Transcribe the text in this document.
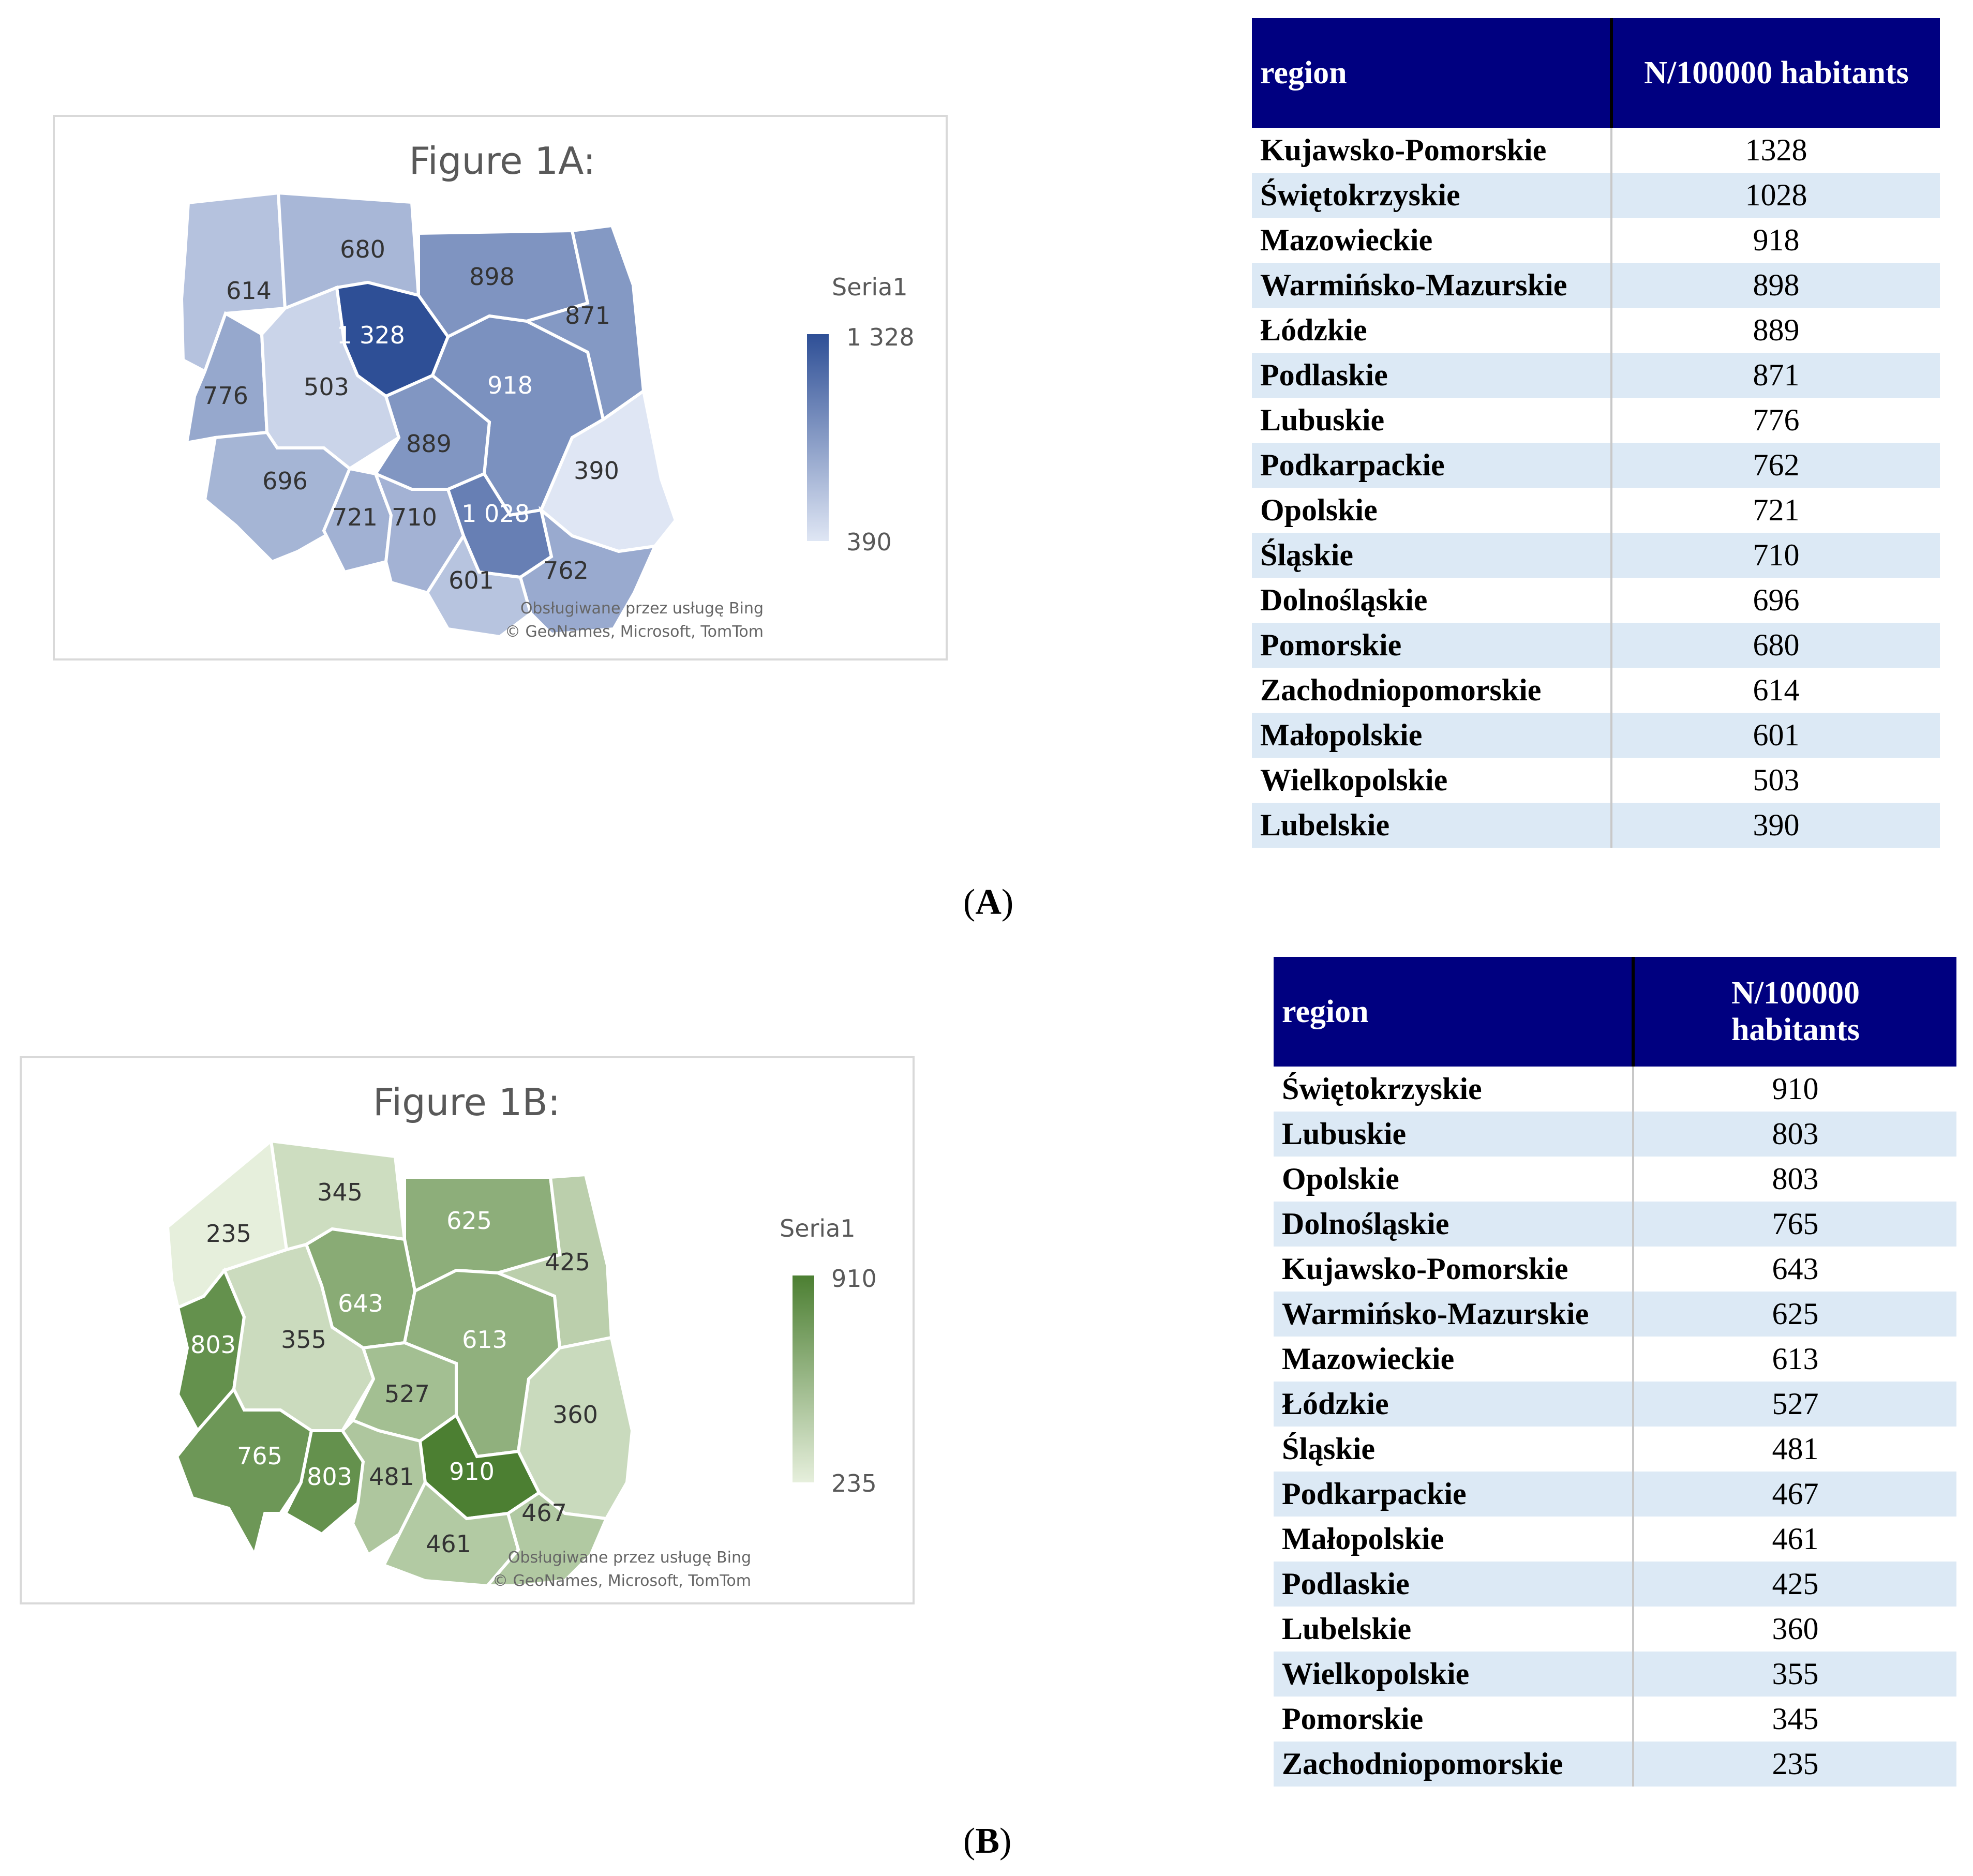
Figure 1A:
614
680
898
871
1 328
776 503	918
889
390
696
721 710 1 028
601 762
Seria1
1 328
390
Obsługiwane przez usługę Bing
© GeoNames, Microsoft, TomTom
region	N/100000 habitants
Kujawsko-Pomorskie	1328
Świętokrzyskie	1028
Mazowieckie	918
Warmińsko-Mazurskie	898
Łódzkie	889
Podlaskie	871
Lubuskie	776
Podkarpackie	762
Opolskie	721
Śląskie	710
Dolnośląskie	696
Pomorskie	680
Zachodniopomorskie	614
Małopolskie	601
Wielkopolskie	503
Lubelskie	390
(A)
Figure 1B:
235
345
625
425
643
803 355	613
527
360
765
803 481 910
461
467
Seria1
910
235
Obsługiwane przez usługę Bing
© GeoNames, Microsoft, TomTom
region	N/100000
habitants
Świętokrzyskie	910
Lubuskie	803
Opolskie	803
Dolnośląskie	765
Kujawsko-Pomorskie	643
Warmińsko-Mazurskie	625
Mazowieckie	613
Łódzkie	527
Śląskie	481
Podkarpackie	467
Małopolskie	461
Podlaskie	425
Lubelskie	360
Wielkopolskie	355
Pomorskie	345
Zachodniopomorskie	235
(B)
